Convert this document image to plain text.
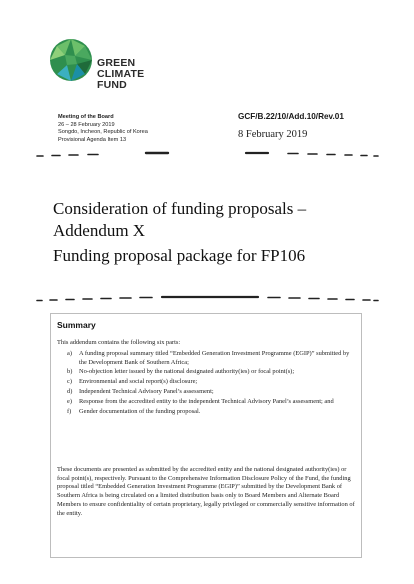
GREEN
CLIMATE
FUND
Meeting of the Board
26 – 28 February 2019
Songdo, Incheon, Republic of Korea
Provisional Agenda Item 13
GCF/B.22/10/Add.10/Rev.01
8 February 2019
Consideration of funding proposals –
Addendum X
Funding proposal package for FP106
Summary
This addendum contains the following six parts:
a) A funding proposal summary titled “Embedded Generation Investment Programme (EGIP)” submitted by the Development Bank of Southern Africa;
b) No-objection letter issued by the national designated authority(ies) or focal point(s);
c) Environmental and social report(s) disclosure;
d) Independent Technical Advisory Panel’s assessment;
e) Response from the accredited entity to the independent Technical Advisory Panel’s assessment; and
f) Gender documentation of the funding proposal.
These documents are presented as submitted by the accredited entity and the national designated authority(ies) or focal point(s), respectively. Pursuant to the Comprehensive Information Disclosure Policy of the Fund, the funding proposal titled “Embedded Generation Investment Programme (EGIP)” submitted by the Development Bank of Southern Africa is being circulated on a limited distribution basis only to Board Members and Alternate Board Members to ensure confidentiality of certain proprietary, legally privileged or commercially sensitive information of the entity.
